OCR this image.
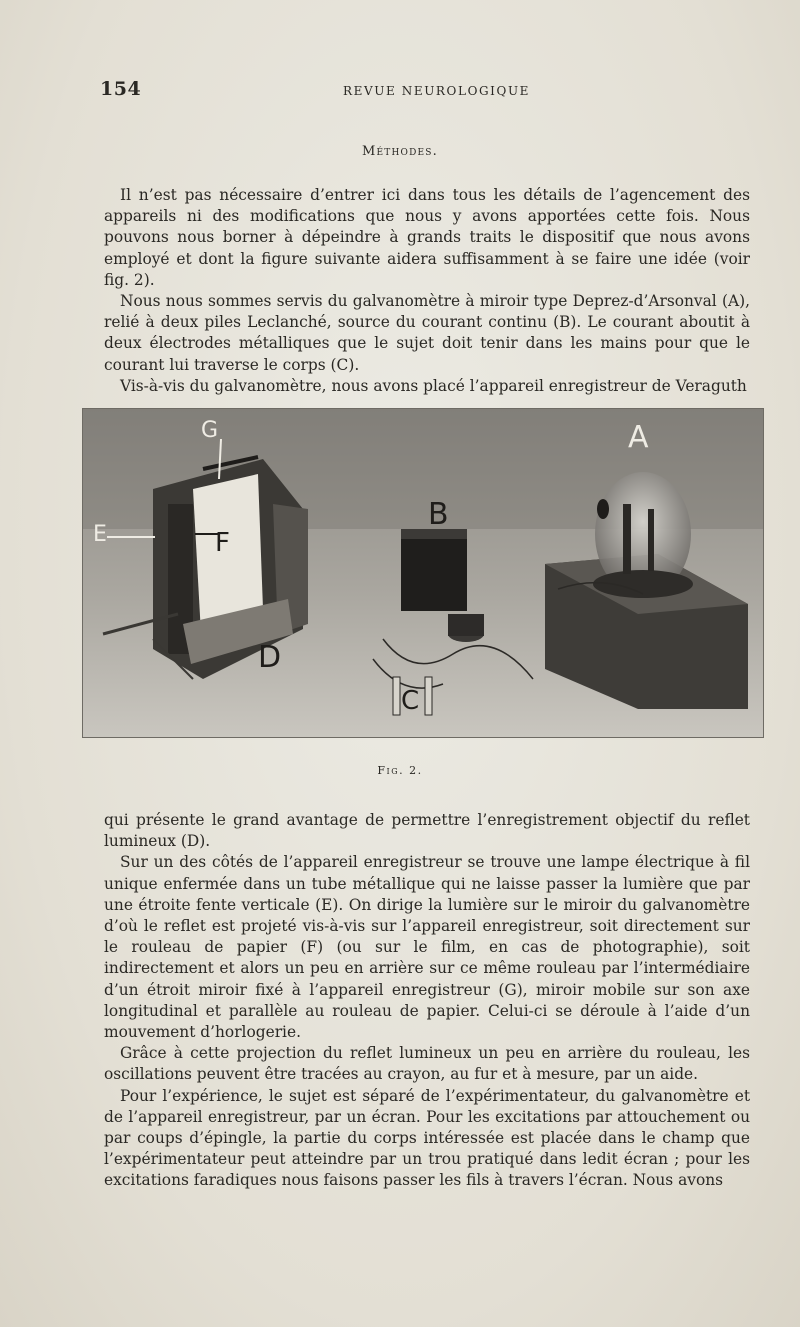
154	REVUE NEUROLOGIQUE
Méthodes.

Il n’est pas nécessaire d’entrer ici dans tous les détails de l’agencement des appareils ni des modifications que nous y avons apportées cette fois. Nous pouvons nous borner à dépeindre à grands traits le dispositif que nous avons employé et dont la figure suivante aidera suffisamment à se faire une idée (voir fig. 2).

Nous nous sommes servis du galvanomètre à miroir type Deprez-d’Arsonval (A), relié à deux piles Leclanché, source du courant continu (B). Le courant aboutit à deux électrodes métalliques que le sujet doit tenir dans les mains pour que le courant lui traverse le corps (C).

Vis-à-vis du galvanomètre, nous avons placé l’appareil enregistreur de Veraguth

G
E	F
D
B
C
A
Fig. 2.

qui présente le grand avantage de permettre l’enregistrement objectif du reflet lumineux (D).

Sur un des côtés de l’appareil enregistreur se trouve une lampe électrique à fil unique enfermée dans un tube métallique qui ne laisse passer la lumière que par une étroite fente verticale (E). On dirige la lumière sur le miroir du galvanomètre d’où le reflet est projeté vis-à-vis sur l’appareil enregistreur, soit directement sur le rouleau de papier (F) (ou sur le film, en cas de photographie), soit indirectement et alors un peu en arrière sur ce même rouleau par l’intermédiaire d’un étroit miroir fixé à l’appareil enregistreur (G), miroir mobile sur son axe longitudinal et parallèle au rouleau de papier. Celui-ci se déroule à l’aide d’un mouvement d’horlogerie.

Grâce à cette projection du reflet lumineux un peu en arrière du rouleau, les oscillations peuvent être tracées au crayon, au fur et à mesure, par un aide.

Pour l’expérience, le sujet est séparé de l’expérimentateur, du galvanomètre et de l’appareil enregistreur, par un écran. Pour les excitations par attouchement ou par coups d’épingle, la partie du corps intéressée est placée dans le champ que l’expérimentateur peut atteindre par un trou pratiqué dans ledit écran ; pour les excitations faradiques nous faisons passer les fils à travers l’écran. Nous avons
